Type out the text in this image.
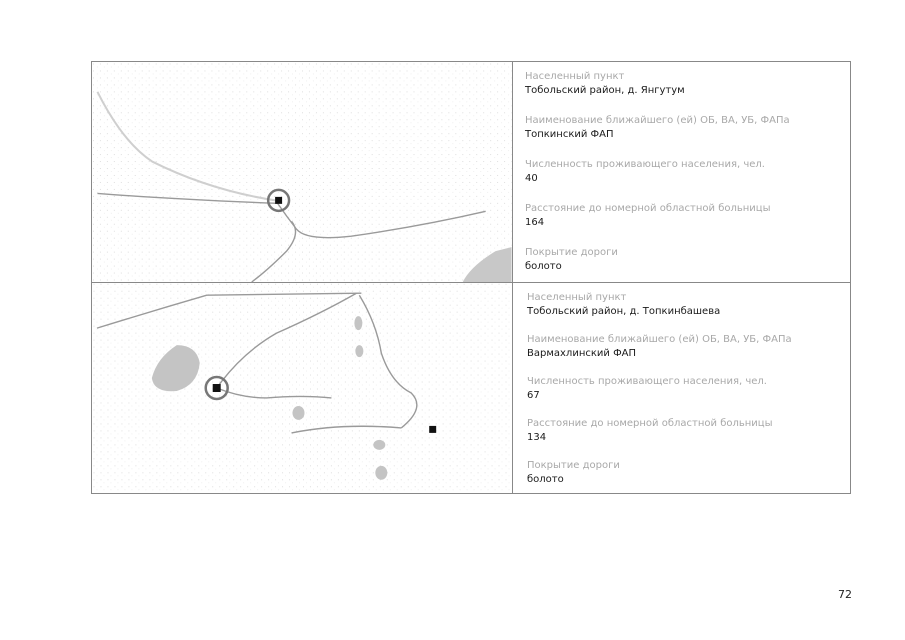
Населенный пункт
Тобольский район, д. Янгутум
Наименование ближайшего (ей) ОБ, ВА, УБ, ФАПа
Топкинский ФАП
Численность проживающего населения, чел.
40
Расстояние до номерной областной больницы
164
Покрытие дороги
болото
Населенный пункт
Тобольский район, д. Топкинбашева
Наименование ближайшего (ей) ОБ, ВА, УБ, ФАПа
Вармахлинский ФАП
Численность проживающего населения, чел.
67
Расстояние до номерной областной больницы
134
Покрытие дороги
болото
72
